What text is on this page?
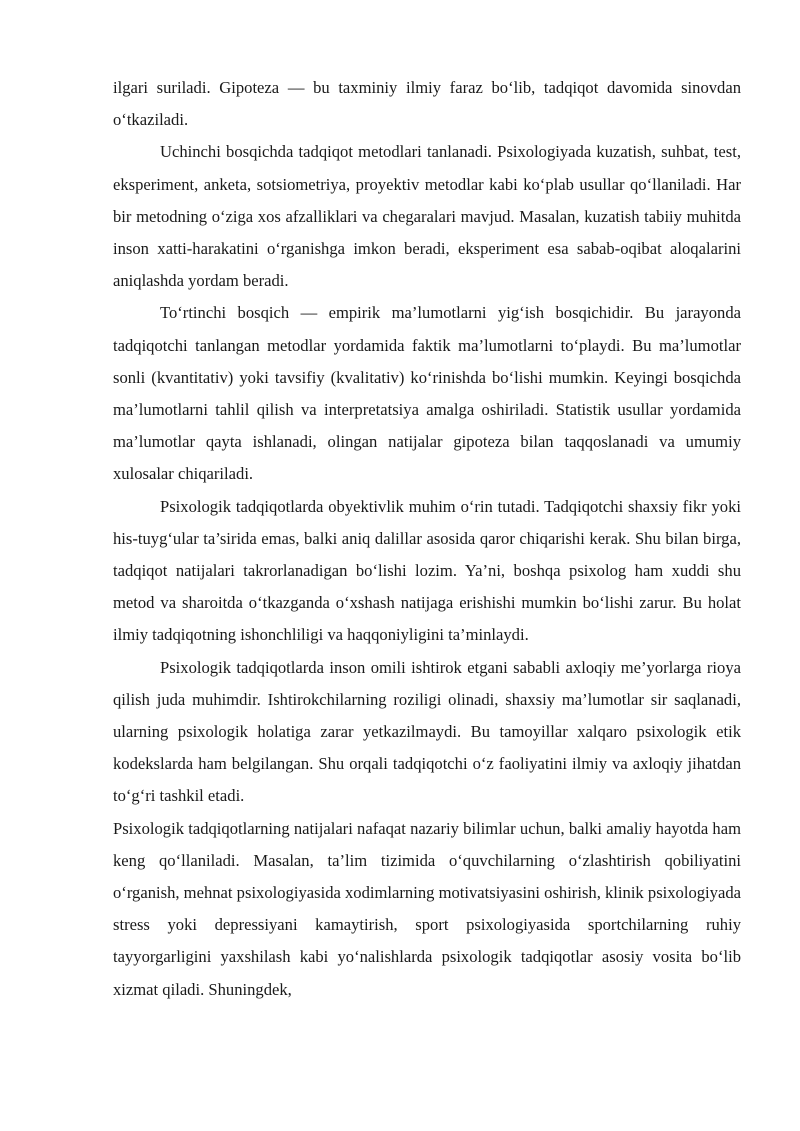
ilgari suriladi. Gipoteza — bu taxminiy ilmiy faraz bo‘lib, tadqiqot davomida sinovdan o‘tkaziladi.

Uchinchi bosqichda tadqiqot metodlari tanlanadi. Psixologiyada kuzatish, suhbat, test, eksperiment, anketa, sotsiometriya, proyektiv metodlar kabi ko‘plab usullar qo‘llaniladi. Har bir metodning o‘ziga xos afzalliklari va chegaralari mavjud. Masalan, kuzatish tabiiy muhitda inson xatti-harakatini o‘rganishga imkon beradi, eksperiment esa sabab-oqibat aloqalarini aniqlashda yordam beradi.

To‘rtinchi bosqich — empirik ma’lumotlarni yig‘ish bosqichidir. Bu jarayonda tadqiqotchi tanlangan metodlar yordamida faktik ma’lumotlarni to‘playdi. Bu ma’lumotlar sonli (kvantitativ) yoki tavsifiy (kvalitativ) ko‘rinishda bo‘lishi mumkin. Keyingi bosqichda ma’lumotlarni tahlil qilish va interpretatsiya amalga oshiriladi. Statistik usullar yordamida ma’lumotlar qayta ishlanadi, olingan natijalar gipoteza bilan taqqoslanadi va umumiy xulosalar chiqariladi.

Psixologik tadqiqotlarda obyektivlik muhim o‘rin tutadi. Tadqiqotchi shaxsiy fikr yoki his-tuyg‘ular ta’sirida emas, balki aniq dalillar asosida qaror chiqarishi kerak. Shu bilan birga, tadqiqot natijalari takrorlanadigan bo‘lishi lozim. Ya’ni, boshqa psixolog ham xuddi shu metod va sharoitda o‘tkazganda o‘xshash natijaga erishishi mumkin bo‘lishi zarur. Bu holat ilmiy tadqiqotning ishonchliligi va haqqoniyligini ta’minlaydi.

Psixologik tadqiqotlarda inson omili ishtirok etgani sababli axloqiy me’yorlarga rioya qilish juda muhimdir. Ishtirokchilarning roziligi olinadi, shaxsiy ma’lumotlar sir saqlanadi, ularning psixologik holatiga zarar yetkazilmaydi. Bu tamoyillar xalqaro psixologik etik kodekslarda ham belgilangan. Shu orqali tadqiqotchi o‘z faoliyatini ilmiy va axloqiy jihatdan to‘g‘ri tashkil etadi.

Psixologik tadqiqotlarning natijalari nafaqat nazariy bilimlar uchun, balki amaliy hayotda ham keng qo‘llaniladi. Masalan, ta’lim tizimida o‘quvchilarning o‘zlashtirish qobiliyatini o‘rganish, mehnat psixologiyasida xodimlarning motivatsiyasini oshirish, klinik psixologiyada stress yoki depressiyani kamaytirish, sport psixologiyasida sportchilarning ruhiy tayyorgarligini yaxshilash kabi yo‘nalishlarda psixologik tadqiqotlar asosiy vosita bo‘lib xizmat qiladi. Shuningdek,
